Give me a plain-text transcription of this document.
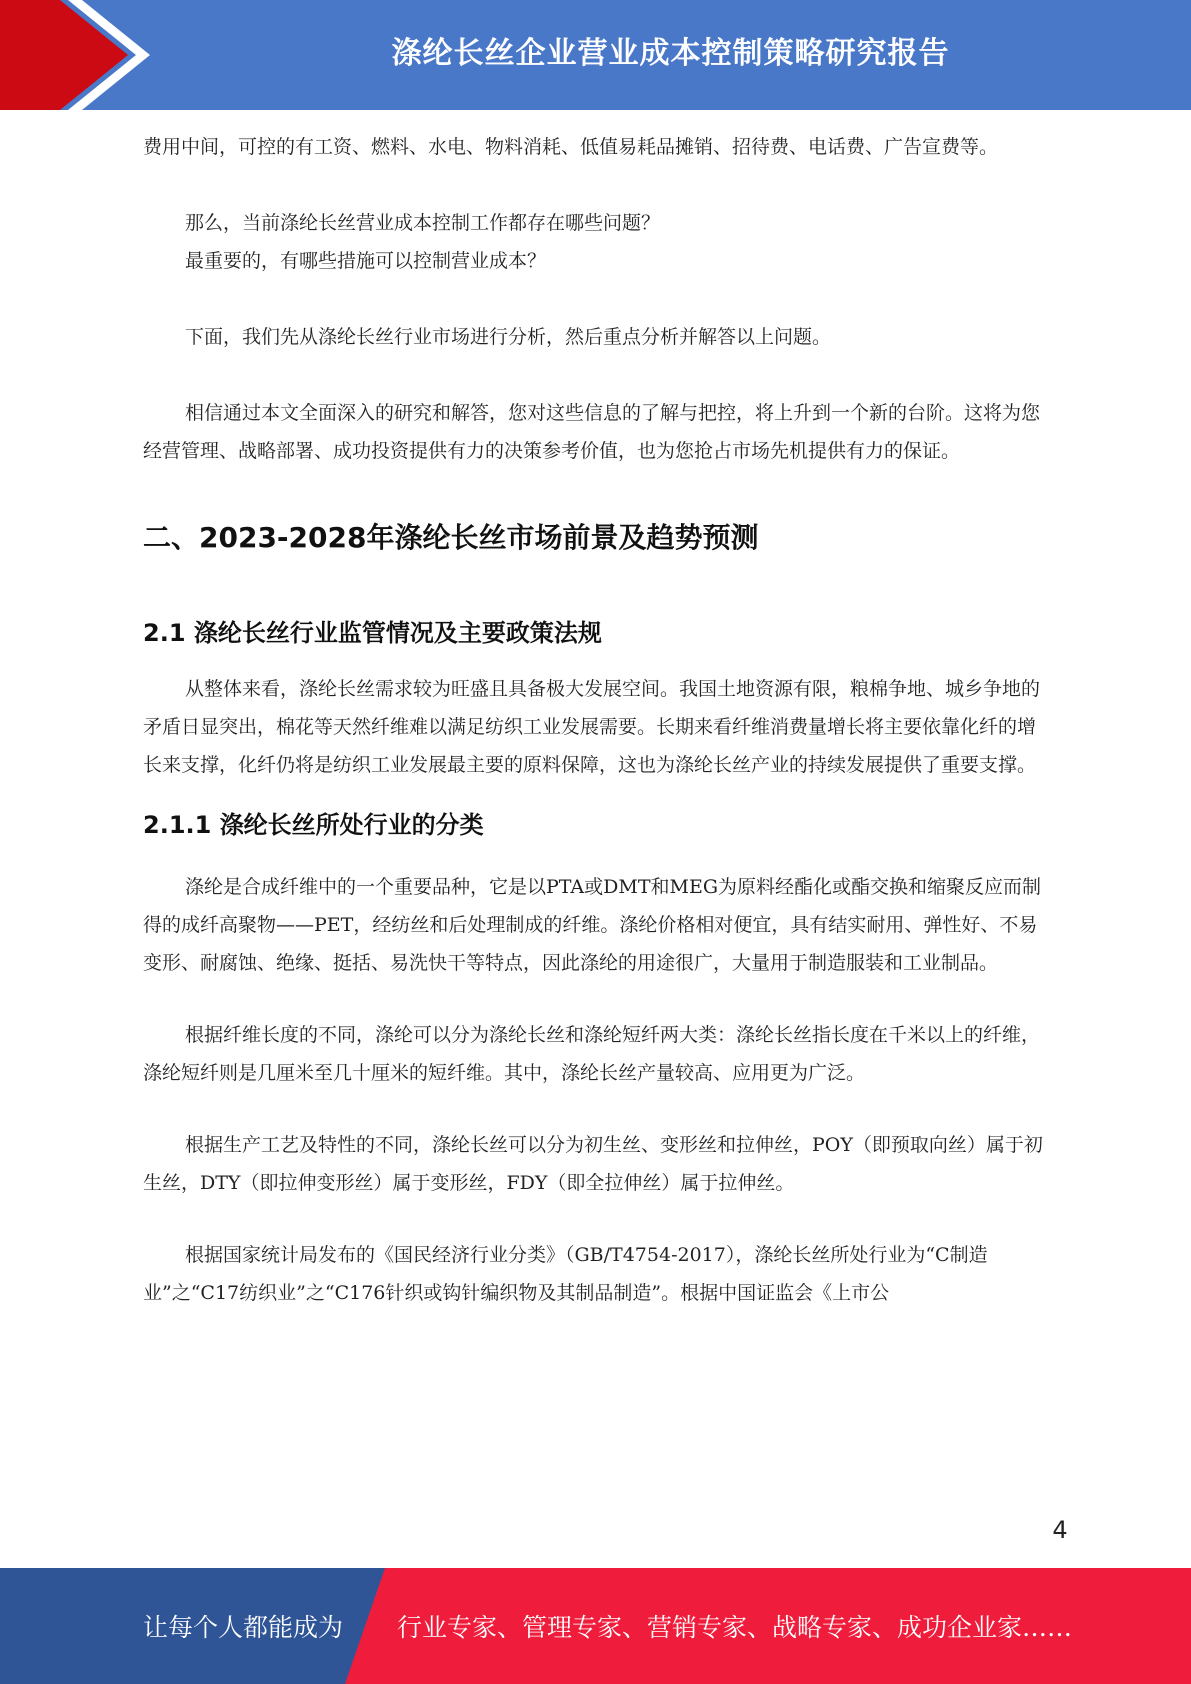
涤纶长丝企业营业成本控制策略研究报告

费用中间，可控的有工资、燃料、水电、物料消耗、低值易耗品摊销、招待费、电话费、广告宣费等。

那么，当前涤纶长丝营业成本控制工作都存在哪些问题？

最重要的，有哪些措施可以控制营业成本？

下面，我们先从涤纶长丝行业市场进行分析，然后重点分析并解答以上问题。

相信通过本文全面深入的研究和解答，您对这些信息的了解与把控，将上升到一个新的台阶。这将为您经营管理、战略部署、成功投资提供有力的决策参考价值，也为您抢占市场先机提供有力的保证。

二、2023-2028年涤纶长丝市场前景及趋势预测
2.1 涤纶长丝行业监管情况及主要政策法规

从整体来看，涤纶长丝需求较为旺盛且具备极大发展空间。我国土地资源有限，粮棉争地、城乡争地的矛盾日显突出，棉花等天然纤维难以满足纺织工业发展需要。长期来看纤维消费量增长将主要依靠化纤的增长来支撑，化纤仍将是纺织工业发展最主要的原料保障，这也为涤纶长丝产业的持续发展提供了重要支撑。

2.1.1 涤纶长丝所处行业的分类

涤纶是合成纤维中的一个重要品种，它是以PTA或DMT和MEG为原料经酯化或酯交换和缩聚反应而制得的成纤高聚物——PET，经纺丝和后处理制成的纤维。涤纶价格相对便宜，具有结实耐用、弹性好、不易变形、耐腐蚀、绝缘、挺括、易洗快干等特点，因此涤纶的用途很广，大量用于制造服装和工业制品。

根据纤维长度的不同，涤纶可以分为涤纶长丝和涤纶短纤两大类：涤纶长丝指长度在千米以上的纤维，涤纶短纤则是几厘米至几十厘米的短纤维。其中，涤纶长丝产量较高、应用更为广泛。

根据生产工艺及特性的不同，涤纶长丝可以分为初生丝、变形丝和拉伸丝，POY（即预取向丝）属于初生丝，DTY（即拉伸变形丝）属于变形丝，FDY（即全拉伸丝）属于拉伸丝。

根据国家统计局发布的《国民经济行业分类》（GB/T4754-2017），涤纶长丝所处行业为“C制造业”之“C17纺织业”之“C176针织或钩针编织物及其制品制造”。根据中国证监会《上市公

4
让每个人都能成为 行业专家、管理专家、营销专家、战略专家、成功企业家……
